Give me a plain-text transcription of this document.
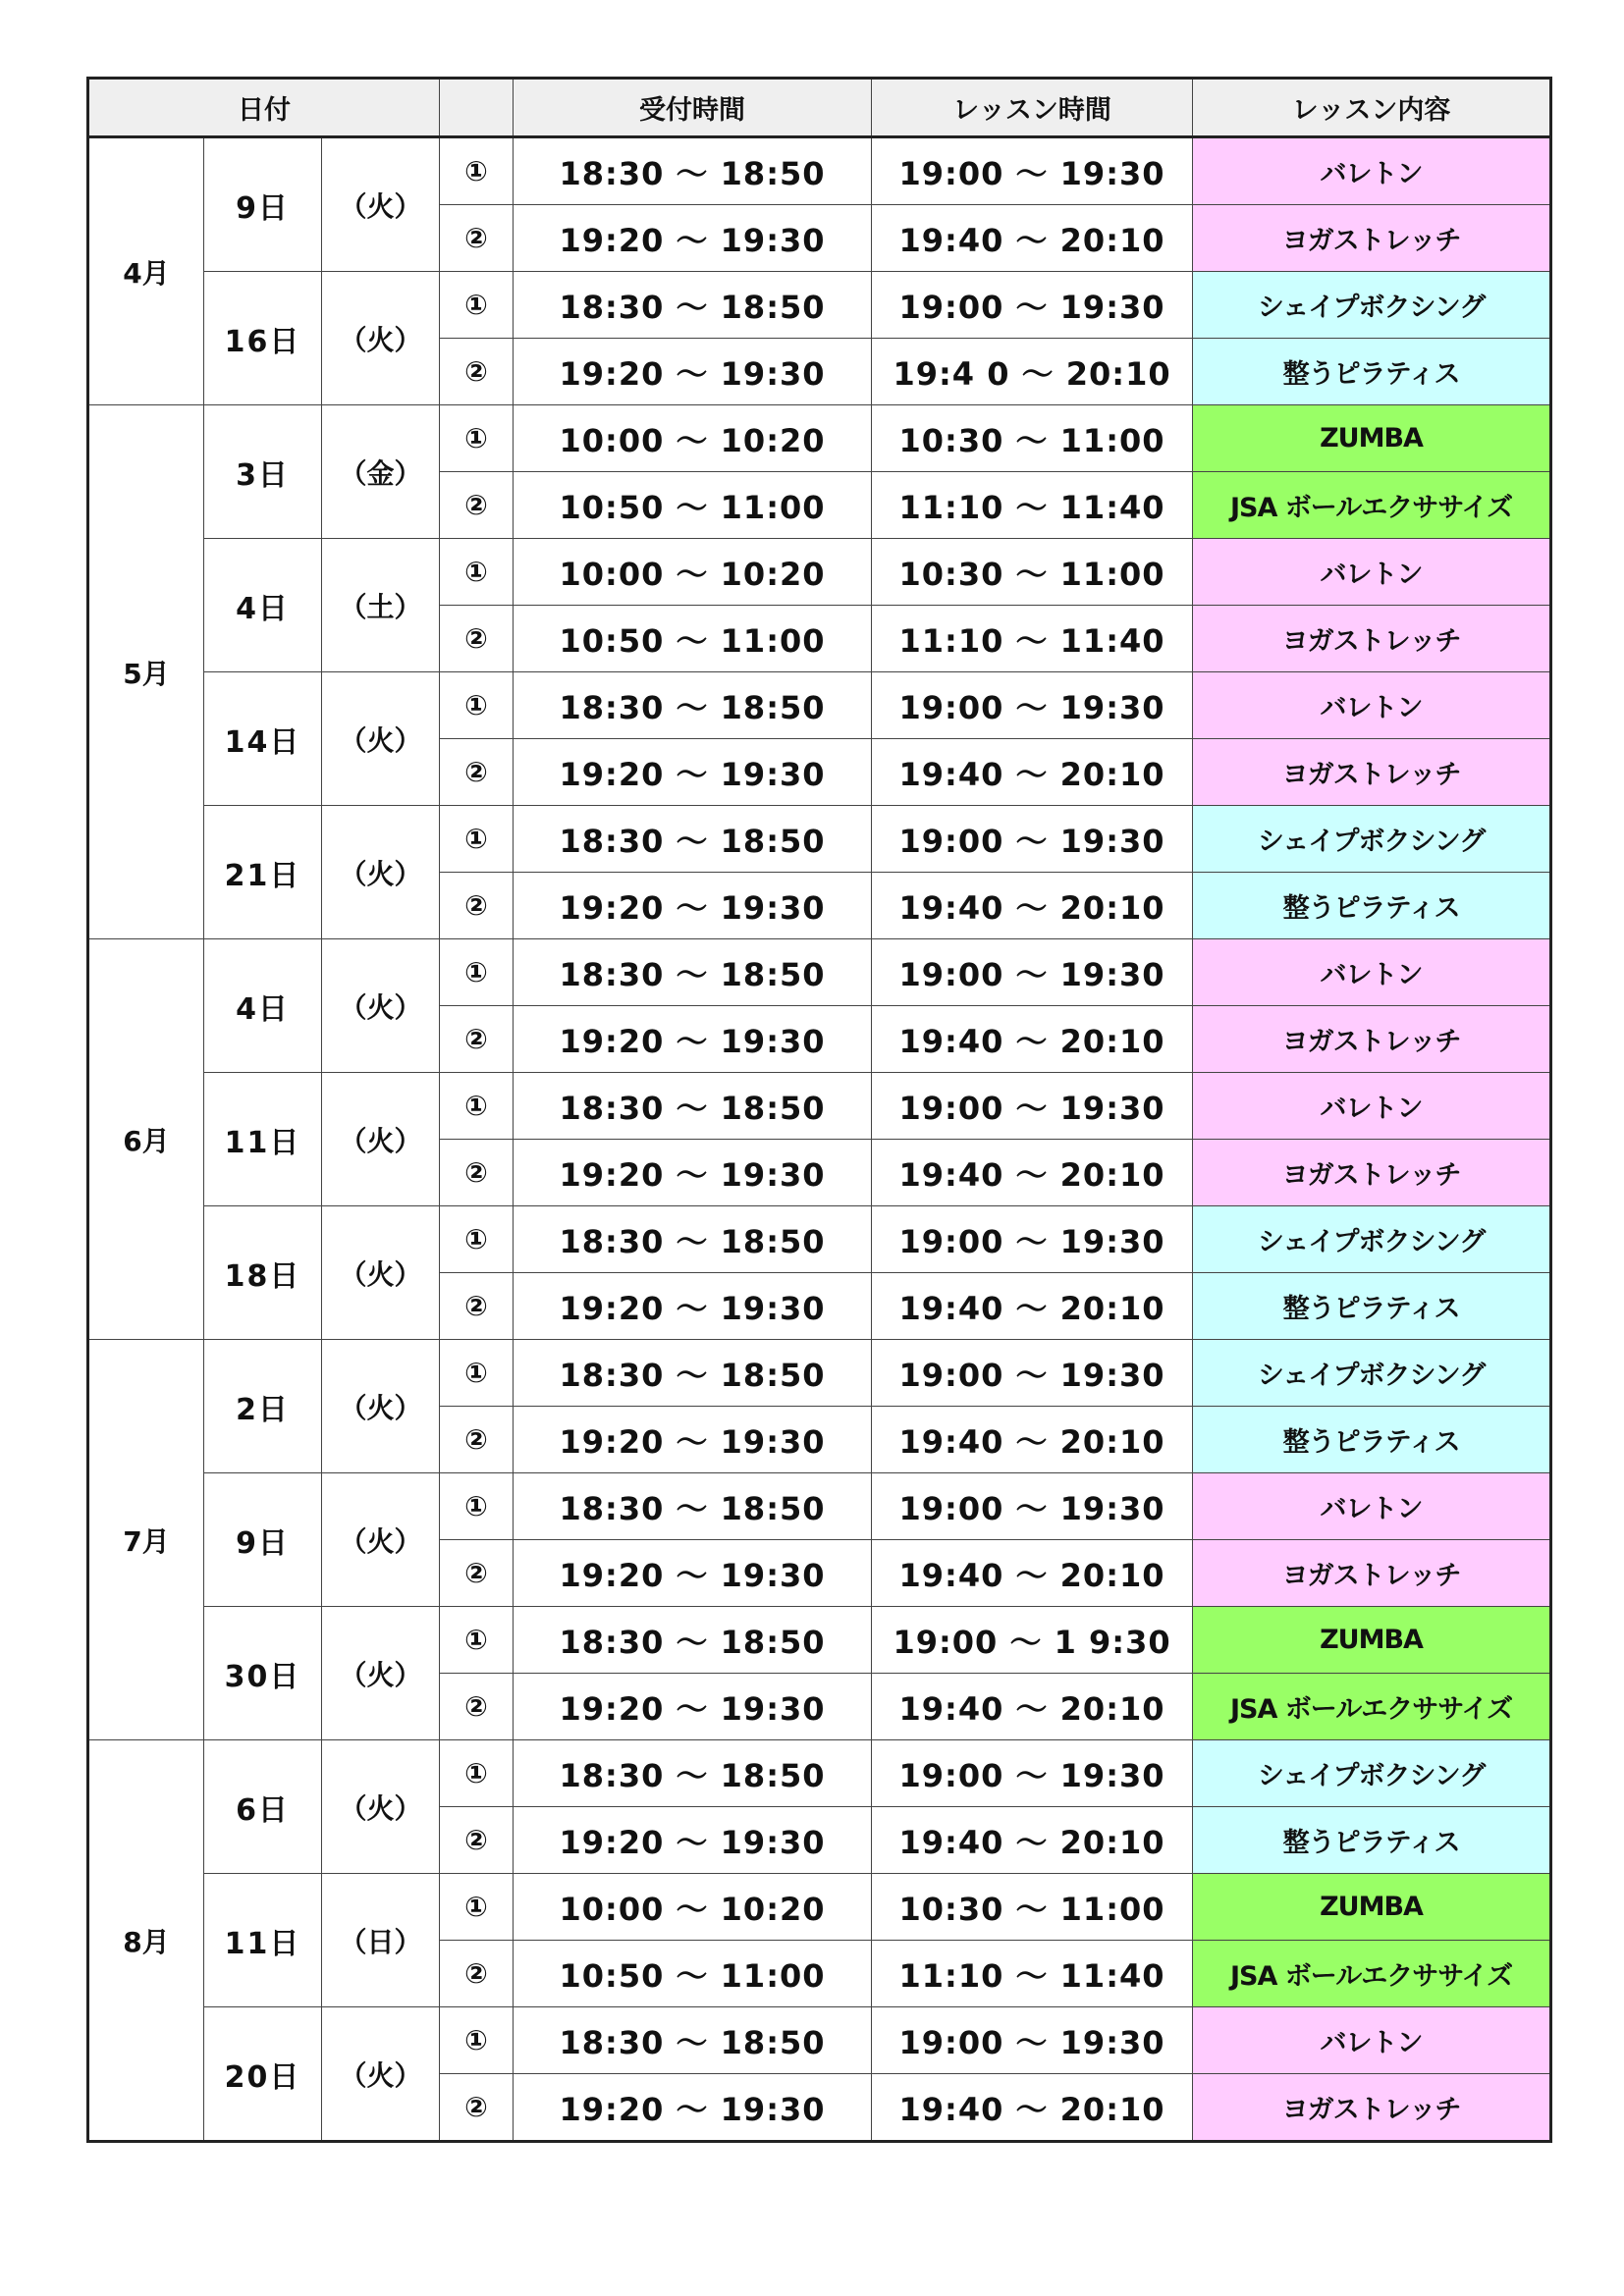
日付				受付時間	レッスン時間	レッスン内容
4月	9日	（火）	①	18:30 ～ 18:50	19:00 ～ 19:30	バレトン
			②	19:20 ～ 19:30	19:40 ～ 20:10	ヨガストレッチ
	16日	（火）	①	18:30 ～ 18:50	19:00 ～ 19:30	シェイプボクシング
			②	19:20 ～ 19:30	19:4 0 ～ 20:10	整うピラティス
5月	3日	（金）	①	10:00 ～ 10:20	10:30 ～ 11:00	ZUMBA
			②	10:50 ～ 11:00	11:10 ～ 11:40	JSA ボールエクササイズ
	4日	（土）	①	10:00 ～ 10:20	10:30 ～ 11:00	バレトン
			②	10:50 ～ 11:00	11:10 ～ 11:40	ヨガストレッチ
	14日	（火）	①	18:30 ～ 18:50	19:00 ～ 19:30	バレトン
			②	19:20 ～ 19:30	19:40 ～ 20:10	ヨガストレッチ
	21日	（火）	①	18:30 ～ 18:50	19:00 ～ 19:30	シェイプボクシング
			②	19:20 ～ 19:30	19:40 ～ 20:10	整うピラティス
6月	4日	（火）	①	18:30 ～ 18:50	19:00 ～ 19:30	バレトン
			②	19:20 ～ 19:30	19:40 ～ 20:10	ヨガストレッチ
	11日	（火）	①	18:30 ～ 18:50	19:00 ～ 19:30	バレトン
			②	19:20 ～ 19:30	19:40 ～ 20:10	ヨガストレッチ
	18日	（火）	①	18:30 ～ 18:50	19:00 ～ 19:30	シェイプボクシング
			②	19:20 ～ 19:30	19:40 ～ 20:10	整うピラティス
7月	2日	（火）	①	18:30 ～ 18:50	19:00 ～ 19:30	シェイプボクシング
			②	19:20 ～ 19:30	19:40 ～ 20:10	整うピラティス
	9日	（火）	①	18:30 ～ 18:50	19:00 ～ 19:30	バレトン
			②	19:20 ～ 19:30	19:40 ～ 20:10	ヨガストレッチ
	30日	（火）	①	18:30 ～ 18:50	19:00 ～ 1 9:30	ZUMBA
			②	19:20 ～ 19:30	19:40 ～ 20:10	JSA ボールエクササイズ
8月	6日	（火）	①	18:30 ～ 18:50	19:00 ～ 19:30	シェイプボクシング
			②	19:20 ～ 19:30	19:40 ～ 20:10	整うピラティス
	11日	（日）	①	10:00 ～ 10:20	10:30 ～ 11:00	ZUMBA
			②	10:50 ～ 11:00	11:10 ～ 11:40	JSA ボールエクササイズ
	20日	（火）	①	18:30 ～ 18:50	19:00 ～ 19:30	バレトン
			②	19:20 ～ 19:30	19:40 ～ 20:10	ヨガストレッチ
